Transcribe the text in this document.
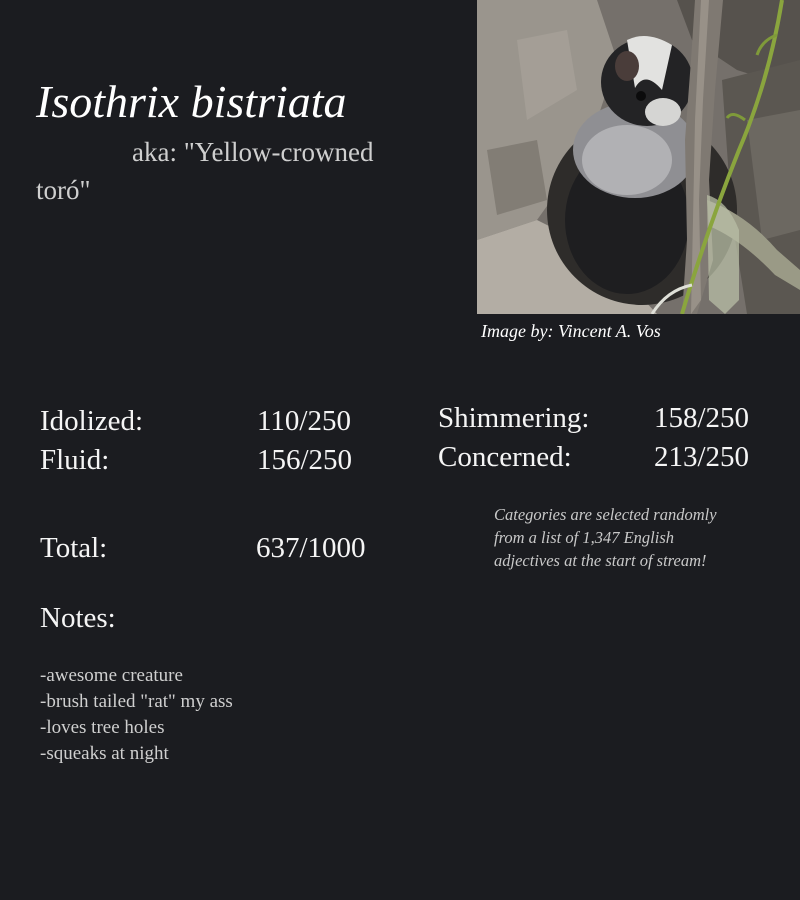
Isothrix bistriata

aka: "Yellow-crowned toró"

Image by: Vincent A. Vos
Idolized:	110/250
Fluid:	156/250
Shimmering: 158/250
Concerned:	213/250
Total:	637/1000

Categories are selected randomly from a list of 1,347 English adjectives at the start of stream!

Notes:
-awesome creature
-brush tailed "rat" my ass
-loves tree holes
-squeaks at night
